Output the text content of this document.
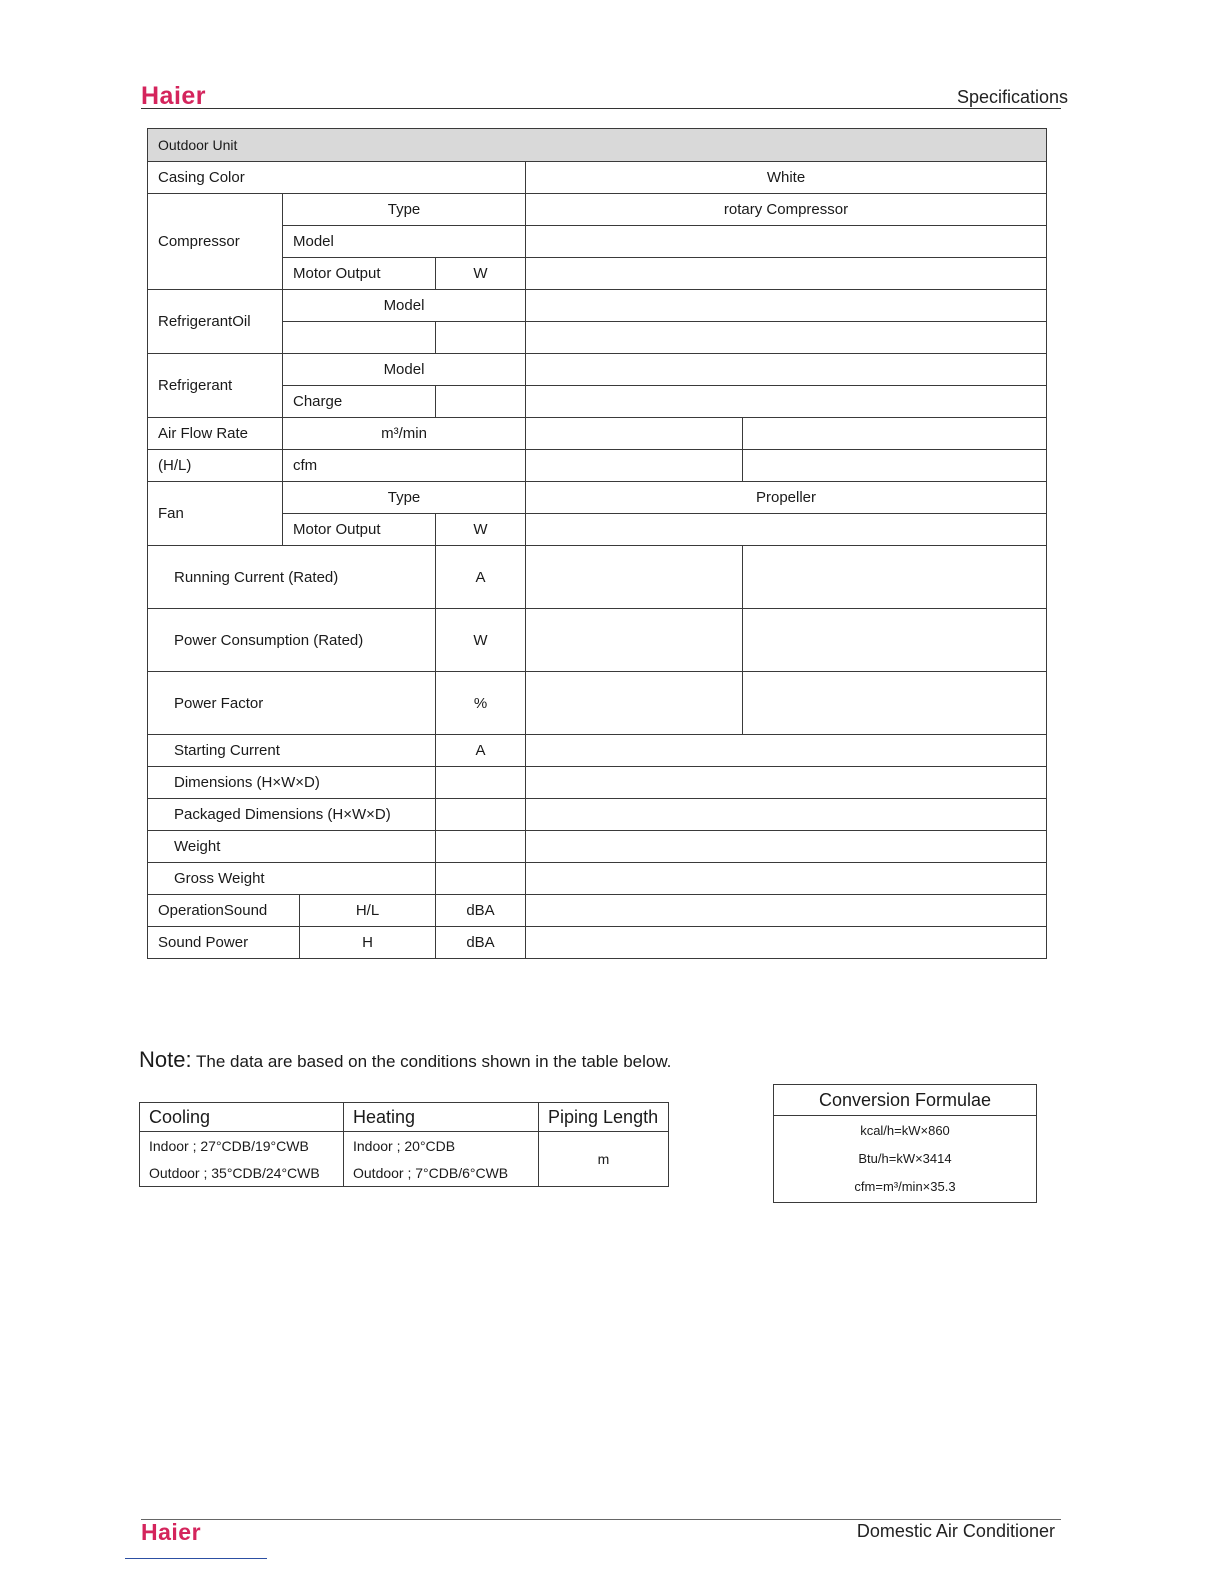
Haier	Specifications
Outdoor Unit					
Casing Color				White	
Compressor	Type			rotary Compressor	
	Model				
	Motor Output		W		
RefrigerantOil	Model				

Refrigerant	Model				
	Charge				
Air Flow Rate	m³/min				
(H/L)	cfm				
Fan	Type			Propeller	
	Motor Output		W		
Running Current (Rated)			A		
Power Consumption (Rated)			W		
Power Factor			%		
Starting Current			A		
Dimensions (H×W×D)					
Packaged Dimensions (H×W×D)					
Weight					
Gross Weight					
OperationSound		H/L	dBA		
Sound Power		H	dBA		
Note: The data are based on the conditions shown in the table below.
Cooling	Heating	Piping Length
Indoor ; 27°CDB/19°CWB	Indoor ; 20°CDB	m
Outdoor ; 35°CDB/24°CWB	Outdoor ; 7°CDB/6°CWB	
Conversion Formulae

kcal/h=kW×860
Btu/h=kW×3414
cfm=m³/min×35.3
Haier	Domestic Air Conditioner
